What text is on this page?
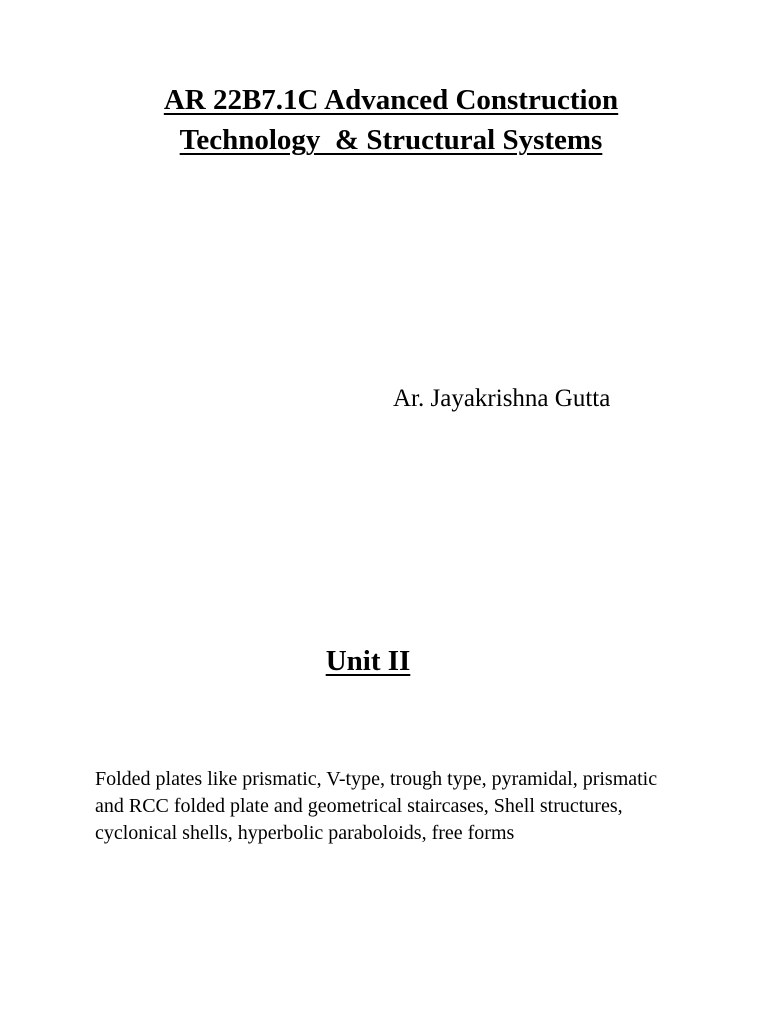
AR 22B7.1C Advanced Construction
Technology  & Structural Systems

Ar. Jayakrishna Gutta

Unit II

Folded plates like prismatic, V-type, trough type, pyramidal, prismatic and RCC folded plate and geometrical staircases, Shell structures, cyclonical shells, hyperbolic paraboloids, free forms
